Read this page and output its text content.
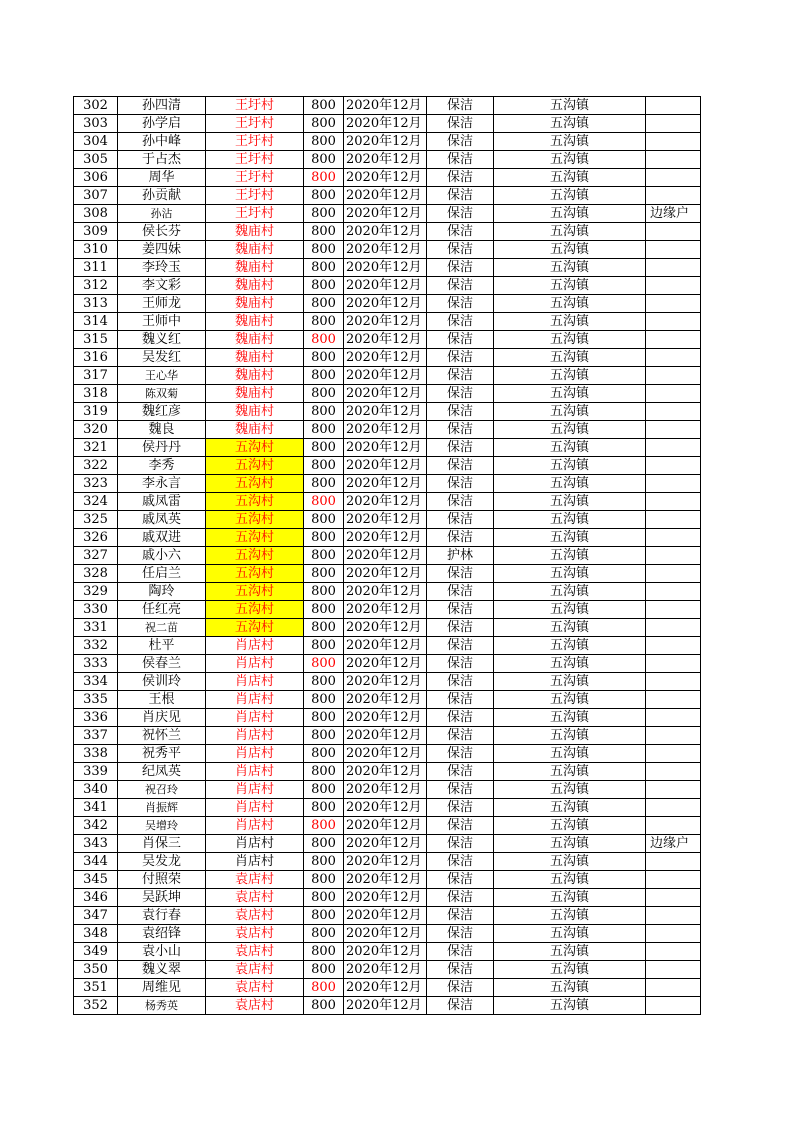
302	孙四清	王圩村	800	2020年12月	保洁	五沟镇	
303	孙学启	王圩村	800	2020年12月	保洁	五沟镇	
304	孙中峰	王圩村	800	2020年12月	保洁	五沟镇	
305	于占杰	王圩村	800	2020年12月	保洁	五沟镇	
306	周华	王圩村	800	2020年12月	保洁	五沟镇	
307	孙贡献	王圩村	800	2020年12月	保洁	五沟镇	
308	孙沾	王圩村	800	2020年12月	保洁	五沟镇	边缘户
309	侯长芬	魏庙村	800	2020年12月	保洁	五沟镇	
310	姜四妹	魏庙村	800	2020年12月	保洁	五沟镇	
311	李玲玉	魏庙村	800	2020年12月	保洁	五沟镇	
312	李文彩	魏庙村	800	2020年12月	保洁	五沟镇	
313	王师龙	魏庙村	800	2020年12月	保洁	五沟镇	
314	王师中	魏庙村	800	2020年12月	保洁	五沟镇	
315	魏义红	魏庙村	800	2020年12月	保洁	五沟镇	
316	吴发红	魏庙村	800	2020年12月	保洁	五沟镇	
317	王心华	魏庙村	800	2020年12月	保洁	五沟镇	
318	陈双菊	魏庙村	800	2020年12月	保洁	五沟镇	
319	魏红彦	魏庙村	800	2020年12月	保洁	五沟镇	
320	魏良	魏庙村	800	2020年12月	保洁	五沟镇	
321	侯丹丹	五沟村	800	2020年12月	保洁	五沟镇	
322	李秀	五沟村	800	2020年12月	保洁	五沟镇	
323	李永言	五沟村	800	2020年12月	保洁	五沟镇	
324	戚凤雷	五沟村	800	2020年12月	保洁	五沟镇	
325	戚凤英	五沟村	800	2020年12月	保洁	五沟镇	
326	戚双进	五沟村	800	2020年12月	保洁	五沟镇	
327	戚小六	五沟村	800	2020年12月	护林	五沟镇	
328	任启兰	五沟村	800	2020年12月	保洁	五沟镇	
329	陶玲	五沟村	800	2020年12月	保洁	五沟镇	
330	任红亮	五沟村	800	2020年12月	保洁	五沟镇	
331	祝二苗	五沟村	800	2020年12月	保洁	五沟镇	
332	杜平	肖店村	800	2020年12月	保洁	五沟镇	
333	侯春兰	肖店村	800	2020年12月	保洁	五沟镇	
334	侯训玲	肖店村	800	2020年12月	保洁	五沟镇	
335	王根	肖店村	800	2020年12月	保洁	五沟镇	
336	肖庆见	肖店村	800	2020年12月	保洁	五沟镇	
337	祝怀兰	肖店村	800	2020年12月	保洁	五沟镇	
338	祝秀平	肖店村	800	2020年12月	保洁	五沟镇	
339	纪凤英	肖店村	800	2020年12月	保洁	五沟镇	
340	祝召玲	肖店村	800	2020年12月	保洁	五沟镇	
341	肖振辉	肖店村	800	2020年12月	保洁	五沟镇	
342	吴增玲	肖店村	800	2020年12月	保洁	五沟镇	
343	肖保三	肖店村	800	2020年12月	保洁	五沟镇	边缘户
344	吴发龙	肖店村	800	2020年12月	保洁	五沟镇	
345	付照荣	袁店村	800	2020年12月	保洁	五沟镇	
346	吴跃坤	袁店村	800	2020年12月	保洁	五沟镇	
347	袁行春	袁店村	800	2020年12月	保洁	五沟镇	
348	袁绍锋	袁店村	800	2020年12月	保洁	五沟镇	
349	袁小山	袁店村	800	2020年12月	保洁	五沟镇	
350	魏义翠	袁店村	800	2020年12月	保洁	五沟镇	
351	周维见	袁店村	800	2020年12月	保洁	五沟镇	
352	杨秀英	袁店村	800	2020年12月	保洁	五沟镇	
